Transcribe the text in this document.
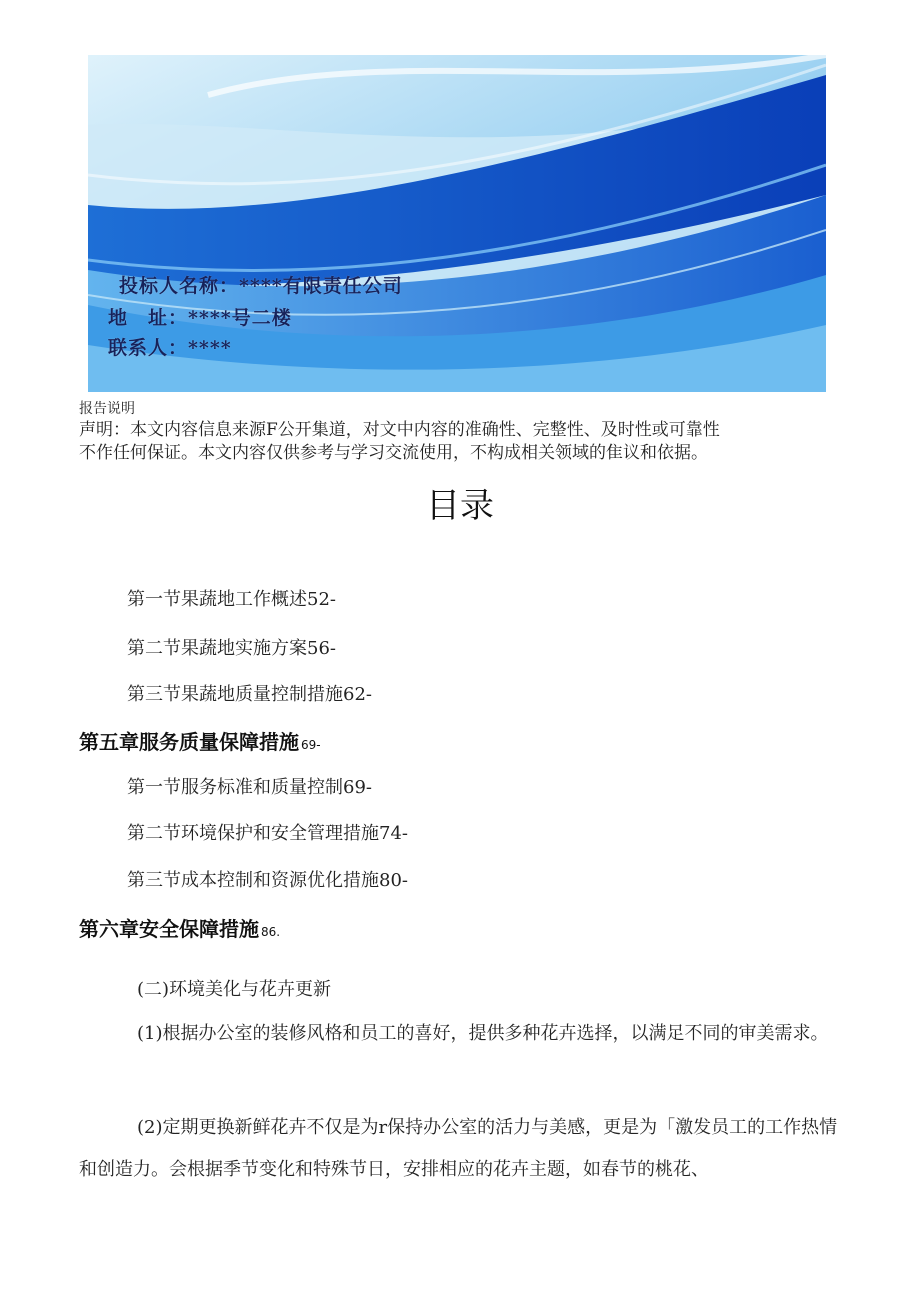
投标人名称：****有限责任公司
地　址：****号二楼
联系人：****
报告说明
声明：本文内容信息来源F公开集道，对文中内容的准确性、完整性、及时性或可靠性
不作任何保证。本文内容仅供参考与学习交流使用，不构成相关领域的隹议和依据。
目录
第一节果蔬地工作概述52-
第二节果蔬地实施方案56-
第三节果蔬地质量控制措施62-
第五章服务质量保障措施 69-
第一节服务标准和质量控制69-
第二节环境保护和安全管理措施74-
第三节成本控制和资源优化措施80-
第六章安全保障措施 86.
(二)环境美化与花卉更新
(1)根据办公室的装修风格和员工的喜好，提供多种花卉选择，以满足不同的审美需求。
(2)定期更换新鲜花卉不仅是为r保持办公室的活力与美感，更是为「激发员工的工作热情和创造力。会根据季节变化和特殊节日，安排相应的花卉主题，如春节的桃花、
